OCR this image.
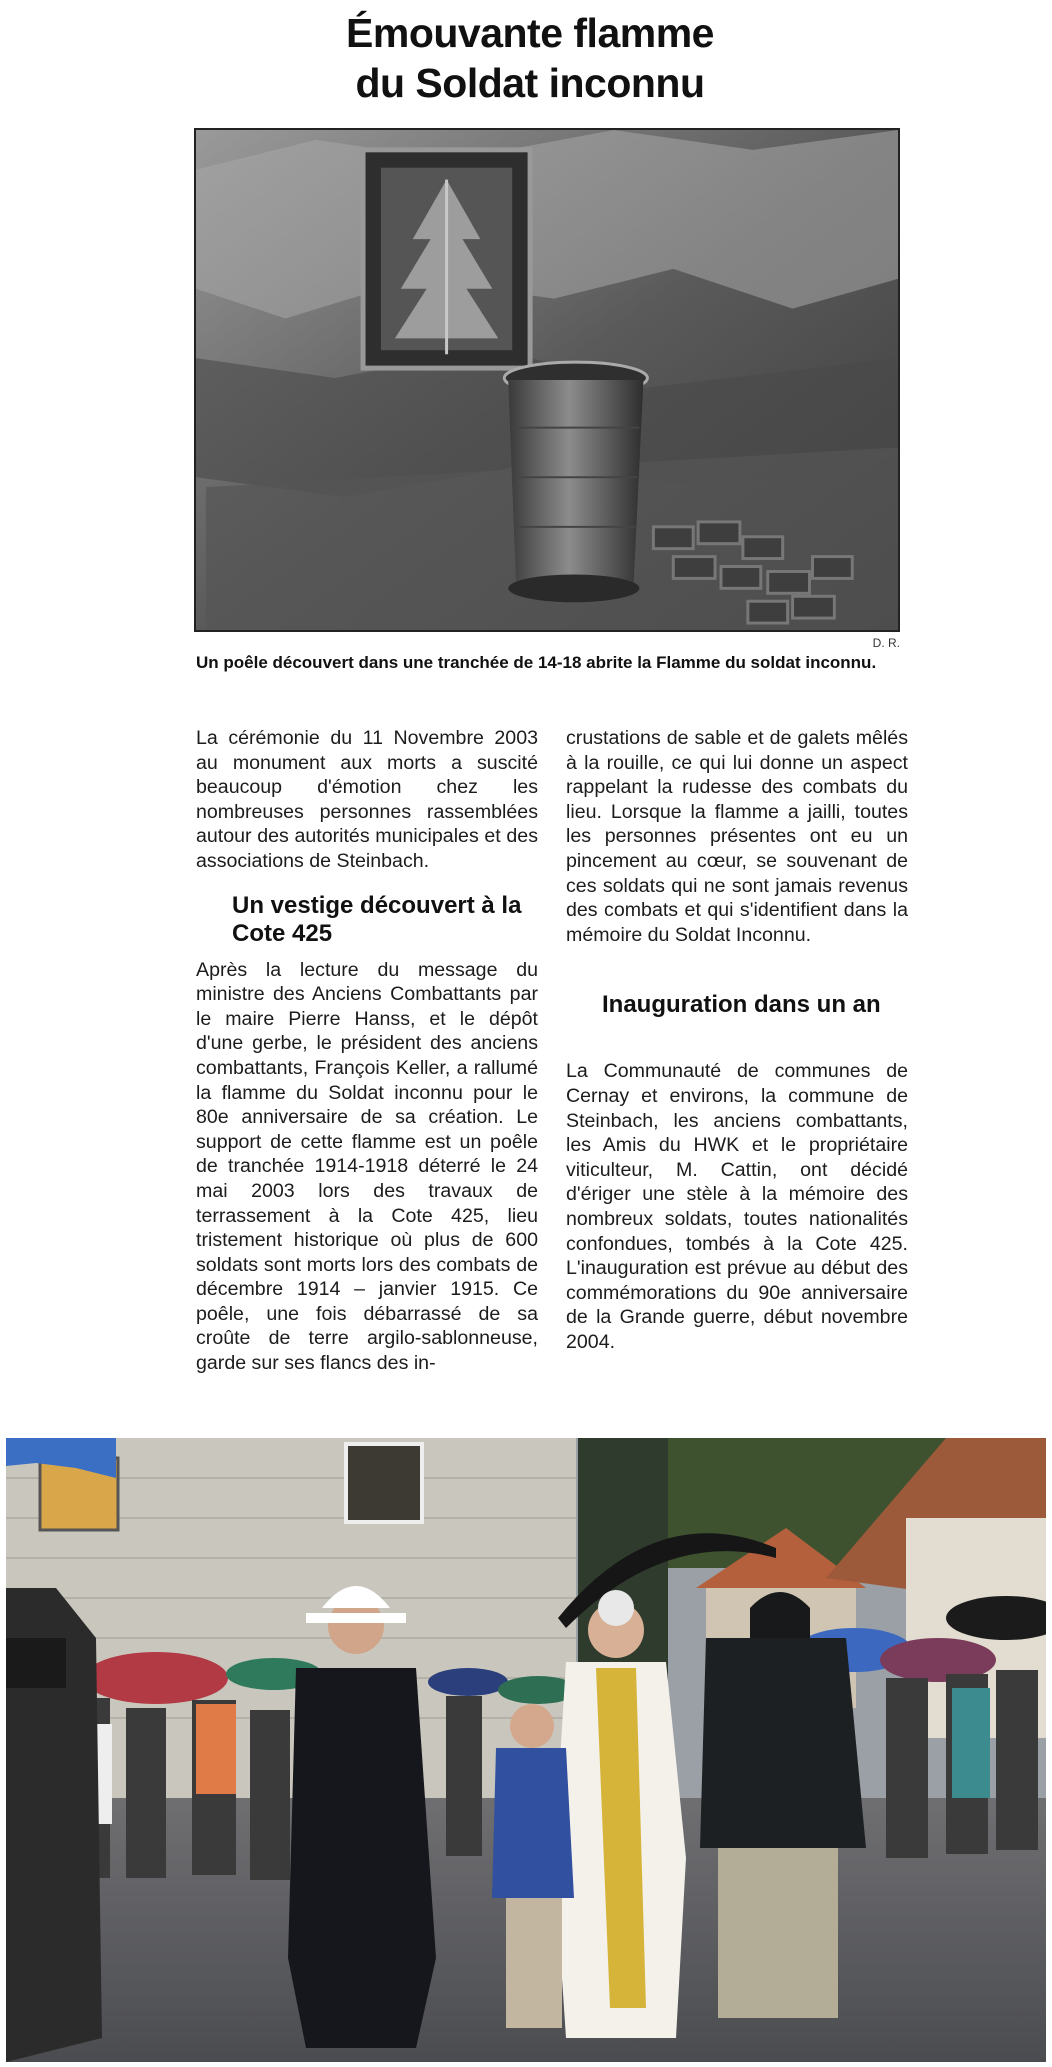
Émouvante flamme
du Soldat inconnu
D. R.

Un poêle découvert dans une tranchée de 14-18 abrite la Flamme du soldat inconnu.

La cérémonie du 11 Novembre 2003 au monument aux morts a suscité beaucoup d'émotion chez les nombreuses personnes rassemblées autour des autorités municipales et des associations de Steinbach.

Un vestige découvert à la Cote 425

Après la lecture du message du ministre des Anciens Combattants par le maire Pierre Hanss, et le dépôt d'une gerbe, le président des anciens combattants, François Keller, a rallumé la flamme du Soldat inconnu pour le 80e anniversaire de sa création. Le support de cette flamme est un poêle de tranchée 1914-1918 déterré le 24 mai 2003 lors des travaux de terrassement à la Cote 425, lieu tristement historique où plus de 600 soldats sont morts lors des combats de décembre 1914 – janvier 1915. Ce poêle, une fois débarrassé de sa croûte de terre argilo-sablonneuse, garde sur ses flancs des in-

crustations de sable et de galets mêlés à la rouille, ce qui lui donne un aspect rappelant la rudesse des combats du lieu. Lorsque la flamme a jailli, toutes les personnes présentes ont eu un pincement au cœur, se souvenant de ces soldats qui ne sont jamais revenus des combats et qui s'identifient dans la mémoire du Soldat Inconnu.

Inauguration dans un an

La Communauté de communes de Cernay et environs, la commune de Steinbach, les anciens combattants, les Amis du HWK et le propriétaire viticulteur, M. Cattin, ont décidé d'ériger une stèle à la mémoire des nombreux soldats, toutes nationalités confondues, tombés à la Cote 425. L'inauguration est prévue au début des commémorations du 90e anniversaire de la Grande guerre, début novembre 2004.
